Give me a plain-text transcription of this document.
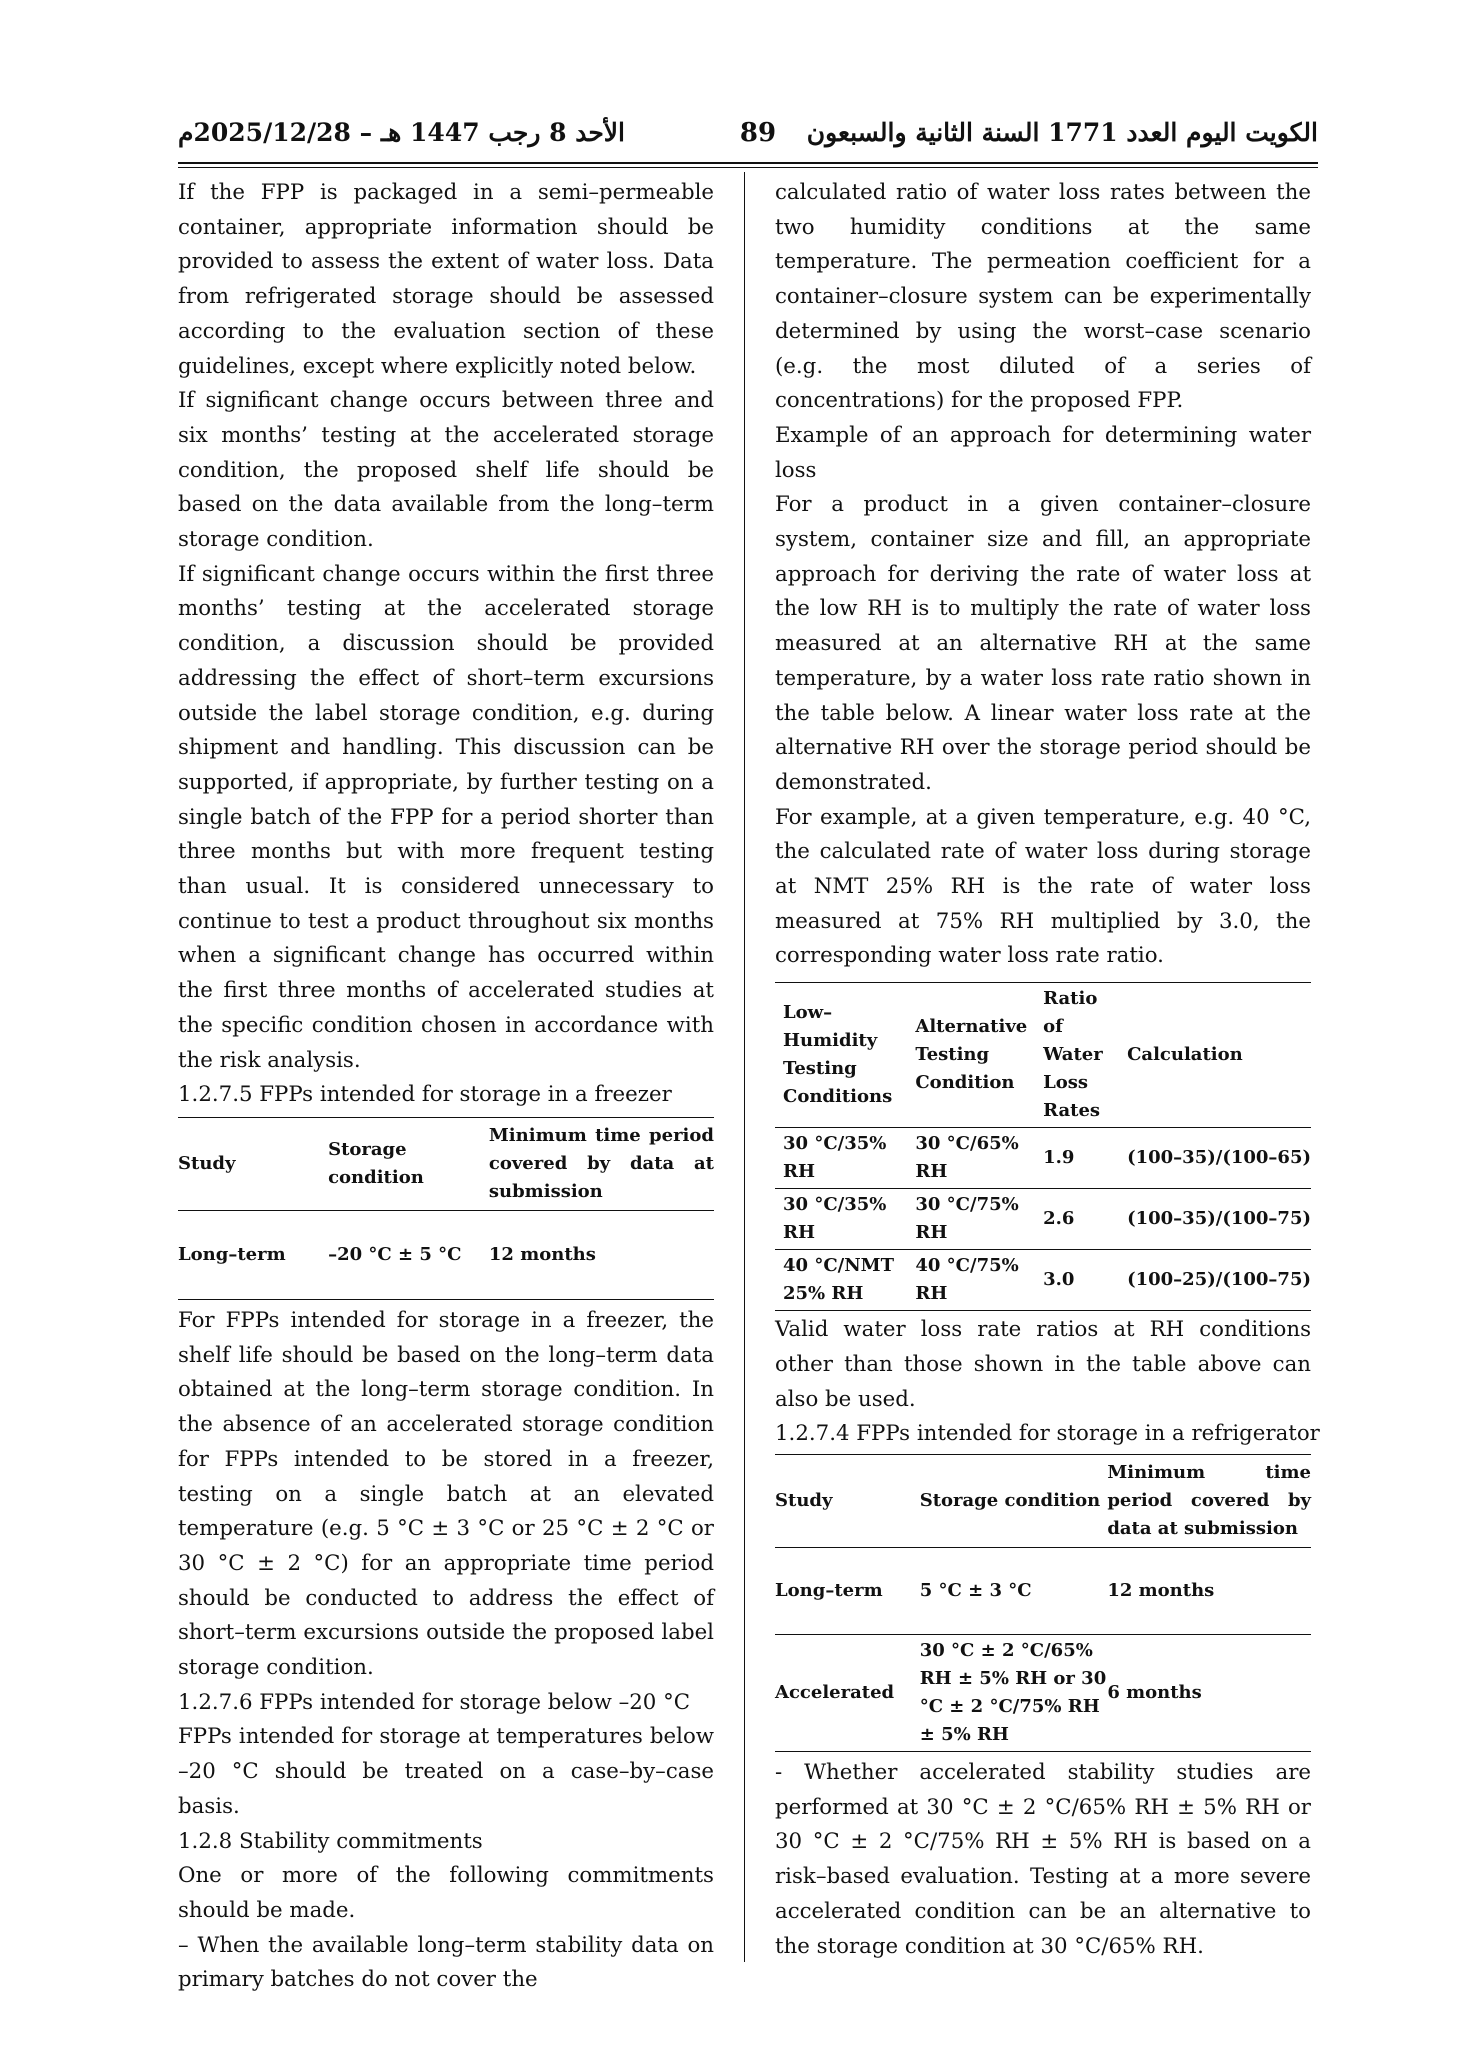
الأحد 8 رجب 1447 هـ – 2025/12/28م	89	الكويت اليوم العدد 1771 السنة الثانية والسبعون

If the FPP is packaged in a semi–permeable container, appropriate information should be provided to assess the extent of water loss. Data from refrigerated storage should be assessed according to the evaluation section of these guidelines, except where explicitly noted below.

If significant change occurs between three and six months’ testing at the accelerated storage condition, the proposed shelf life should be based on the data available from the long–term storage condition.

If significant change occurs within the first three months’ testing at the accelerated storage condition, a discussion should be provided addressing the effect of short–term excursions outside the label storage condition, e.g. during shipment and handling. This discussion can be supported, if appropriate, by further testing on a single batch of the FPP for a period shorter than three months but with more frequent testing than usual. It is considered unnecessary to continue to test a product throughout six months when a significant change has occurred within the first three months of accelerated studies at the specific condition chosen in accordance with the risk analysis.

1.2.7.5 FPPs intended for storage in a freezer

Study	Storage condition	Minimum time period covered by data at submission
Long–term	–20 °C ± 5 °C	12 months

For FPPs intended for storage in a freezer, the shelf life should be based on the long–term data obtained at the long–term storage condition. In the absence of an accelerated storage condition for FPPs intended to be stored in a freezer, testing on a single batch at an elevated temperature (e.g. 5 °C ± 3 °C or 25 °C ± 2 °C or 30 °C ± 2 °C) for an appropriate time period should be conducted to address the effect of short–term excursions outside the proposed label storage condition.

1.2.7.6 FPPs intended for storage below –20 °C

FPPs intended for storage at temperatures below –20 °C should be treated on a case–by–case basis.

1.2.8 Stability commitments

One or more of the following commitments should be made.

– When the available long–term stability data on primary batches do not cover the

calculated ratio of water loss rates between the two humidity conditions at the same temperature. The permeation coefficient for a container–closure system can be experimentally determined by using the worst–case scenario (e.g. the most diluted of a series of concentrations) for the proposed FPP.

Example of an approach for determining water loss

For a product in a given container–closure system, container size and fill, an appropriate approach for deriving the rate of water loss at the low RH is to multiply the rate of water loss measured at an alternative RH at the same temperature, by a water loss rate ratio shown in the table below. A linear water loss rate at the alternative RH over the storage period should be demonstrated.

For example, at a given temperature, e.g. 40 °C, the calculated rate of water loss during storage at NMT 25% RH is the rate of water loss measured at 75% RH multiplied by 3.0, the corresponding water loss rate ratio.

Low–Humidity Testing Conditions	Alternative Testing Condition	Ratio of Water Loss Rates	Calculation
30 °C/35% RH	30 °C/65% RH	1.9	(100–35)/(100–65)
30 °C/35% RH	30 °C/75% RH	2.6	(100–35)/(100–75)
40 °C/NMT 25% RH	40 °C/75% RH	3.0	(100–25)/(100–75)

Valid water loss rate ratios at RH conditions other than those shown in the table above can also be used.

1.2.7.4 FPPs intended for storage in a refrigerator

Study	Storage condition	Minimum time period covered by data at submission
Long–term	5 °C ± 3 °C	12 months
Accelerated	30 °C ± 2 °C/65% RH ± 5% RH or 30 °C ± 2 °C/75% RH ± 5% RH	6 months

- Whether accelerated stability studies are performed at 30 °C ± 2 °C/65% RH ± 5% RH or 30 °C ± 2 °C/75% RH ± 5% RH is based on a risk–based evaluation. Testing at a more severe accelerated condition can be an alternative to the storage condition at 30 °C/65% RH.
